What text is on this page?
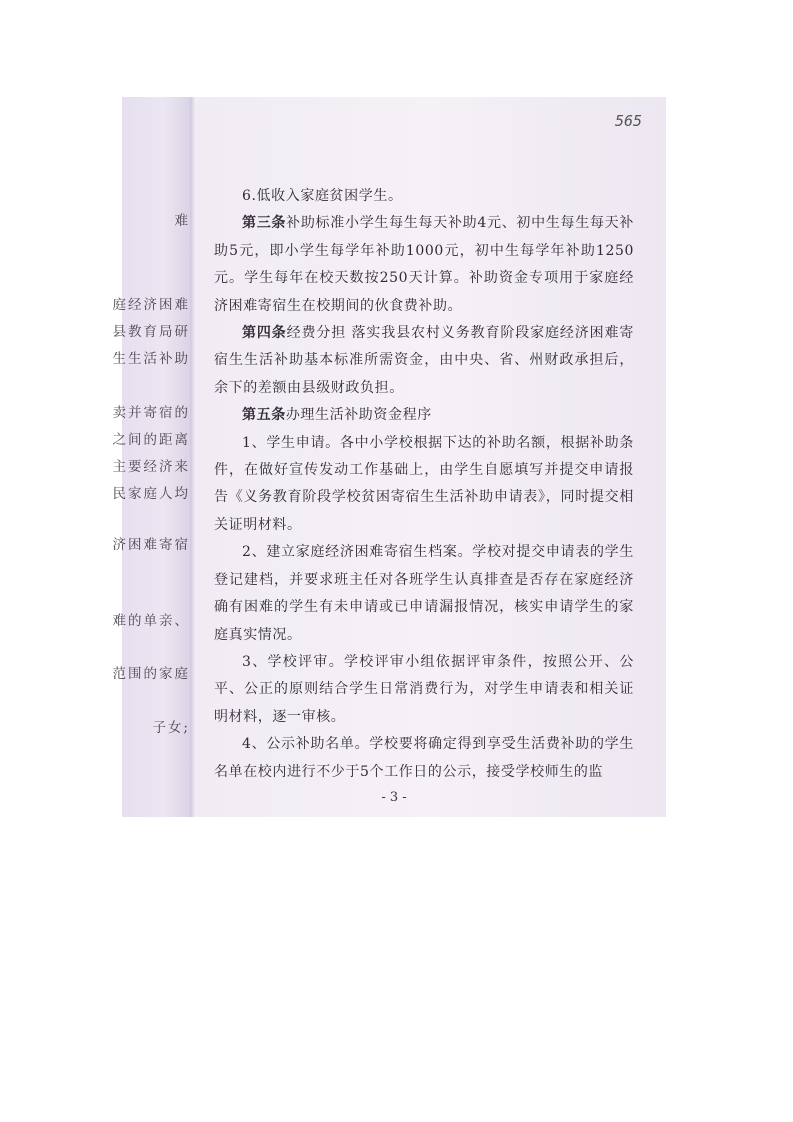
难
庭经济困难
县教育局研
生生活补助
卖并寄宿的
之间的距离
主要经济来
民家庭人均
济困难寄宿
难的单亲、
范围的家庭
子女;
565

6.低收入家庭贫困学生。

第三条补助标准小学生每生每天补助4元、初中生每生每天补助5元，即小学生每学年补助1000元，初中生每学年补助1250元。学生每年在校天数按250天计算。补助资金专项用于家庭经济困难寄宿生在校期间的伙食费补助。

第四条经费分担 落实我县农村义务教育阶段家庭经济困难寄宿生生活补助基本标准所需资金，由中央、省、州财政承担后，余下的差额由县级财政负担。

第五条办理生活补助资金程序

1、学生申请。各中小学校根据下达的补助名额，根据补助条件，在做好宣传发动工作基础上，由学生自愿填写并提交申请报告《义务教育阶段学校贫困寄宿生生活补助申请表》，同时提交相关证明材料。

2、建立家庭经济困难寄宿生档案。学校对提交申请表的学生登记建档，并要求班主任对各班学生认真排查是否存在家庭经济确有困难的学生有未申请或已申请漏报情况，核实申请学生的家庭真实情况。

3、学校评审。学校评审小组依据评审条件，按照公开、公平、公正的原则结合学生日常消费行为，对学生申请表和相关证明材料，逐一审核。

4、公示补助名单。学校要将确定得到享受生活费补助的学生名单在校内进行不少于5个工作日的公示，接受学校师生的监

- 3 -
